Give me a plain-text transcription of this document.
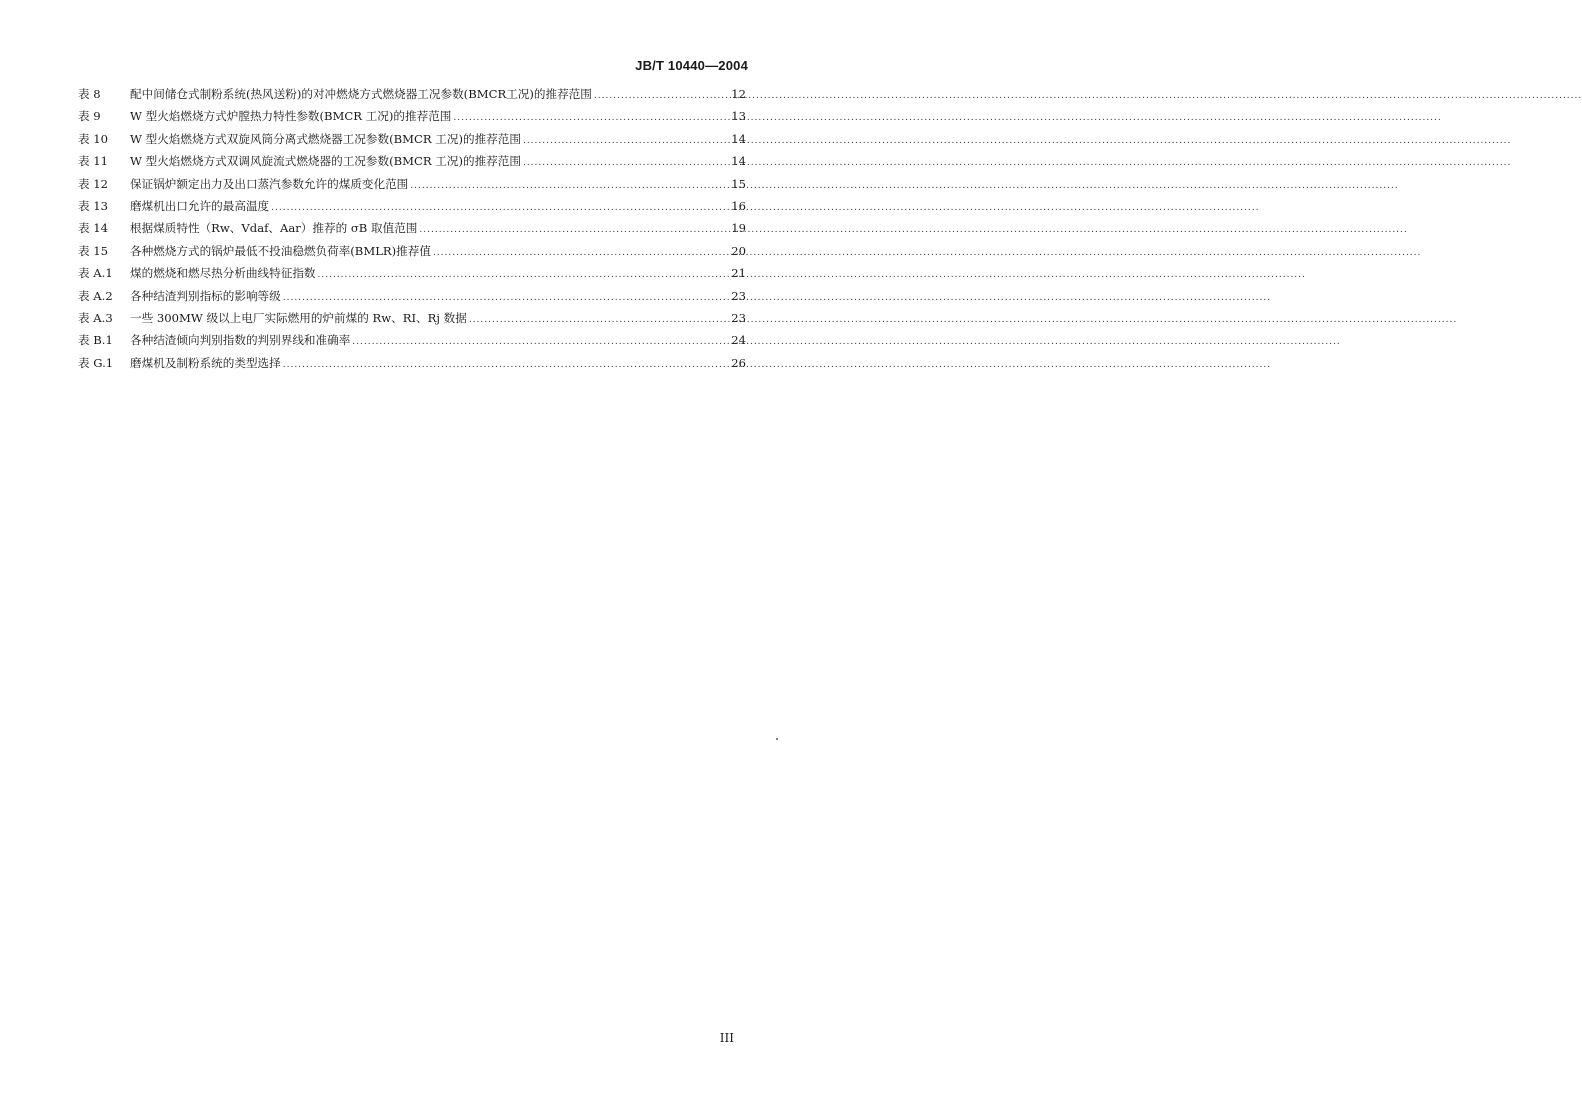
JB/T 10440—2004
表 8	配中间储仓式制粉系统(热风送粉)的对冲燃烧方式燃烧器工况参数(BMCR工况)的推荐范围 .....	12
表 9	W 型火焰燃烧方式炉膛热力特性参数(BMCR 工况)的推荐范围 .....	13
表 10	W 型火焰燃烧方式双旋风筒分离式燃烧器工况参数(BMCR 工况)的推荐范围 .....	14
表 11	W 型火焰燃烧方式双调风旋流式燃烧器的工况参数(BMCR 工况)的推荐范围 .....	14
表 12	保证锅炉额定出力及出口蒸汽参数允许的煤质变化范围 .....	15
表 13	磨煤机出口允许的最高温度 .....	16
表 14	根据煤质特性（Rw、Vdaf、Aar）推荐的 σB 取值范围 .....	19
表 15	各种燃烧方式的锅炉最低不投油稳燃负荷率(BMLR)推荐值 .....	20
表 A.1	煤的燃烧和燃尽热分析曲线特征指数 .....	21
表 A.2	各种结渣判别指标的影响等级 .....	23
表 A.3	一些 300MW 级以上电厂实际燃用的炉前煤的 Rw、RI、Rj 数据 .....	23
表 B.1	各种结渣倾向判别指数的判别界线和准确率 .....	24
表 G.1	磨煤机及制粉系统的类型选择 .....	26
III
